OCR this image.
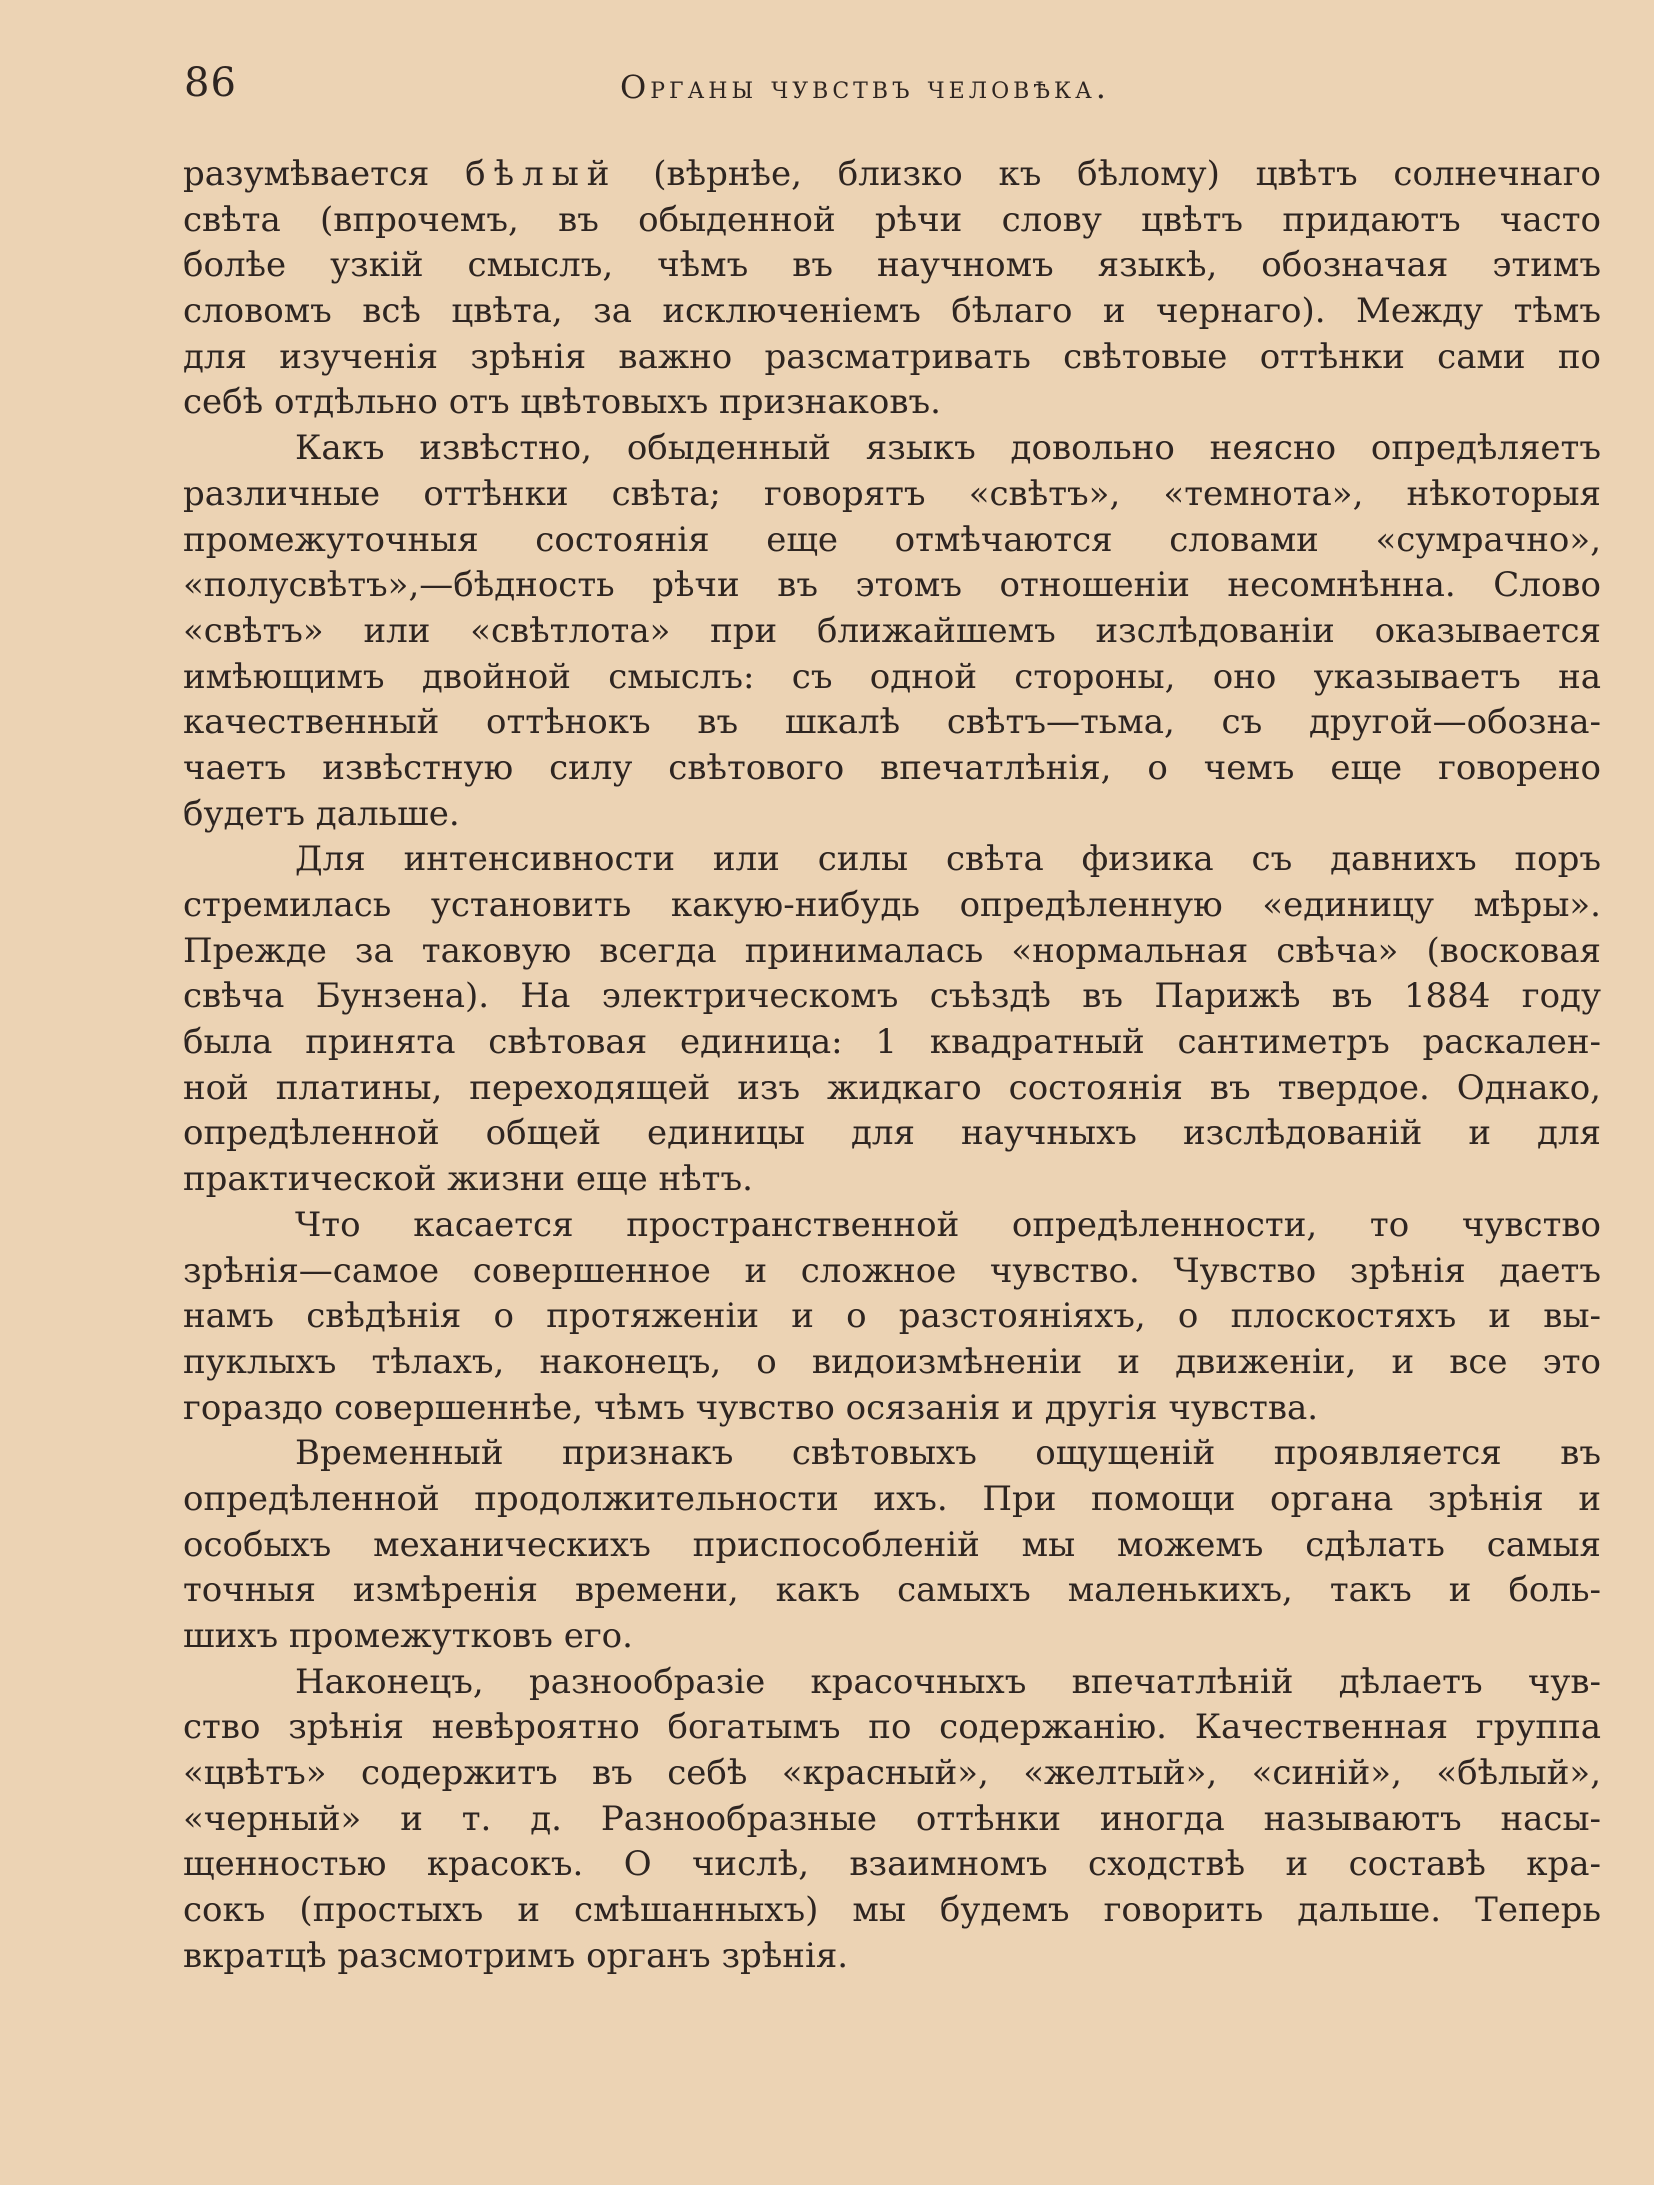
86	Органы чувствъ человѣка.
разумѣвается бѣлый (вѣрнѣе, близко къ бѣлому) цвѣтъ солнечнаго
свѣта (впрочемъ, въ обыденной рѣчи слову цвѣтъ придаютъ часто
болѣе узкій смыслъ, чѣмъ въ научномъ языкѣ, обозначая этимъ
словомъ всѣ цвѣта, за исключеніемъ бѣлаго и чернаго). Между тѣмъ
для изученія зрѣнія важно разсматривать свѣтовые оттѣнки сами по
себѣ отдѣльно отъ цвѣтовыхъ признаковъ.
Какъ извѣстно, обыденный языкъ довольно неясно опредѣляетъ
различные оттѣнки свѣта; говорятъ «свѣтъ», «темнота», нѣкоторыя
промежуточныя состоянія еще отмѣчаются словами «сумрачно»,
«полусвѣтъ»,—бѣдность рѣчи въ этомъ отношеніи несомнѣнна. Слово
«свѣтъ» или «свѣтлота» при ближайшемъ изслѣдованіи оказывается
имѣющимъ двойной смыслъ: съ одной стороны, оно указываетъ на
качественный оттѣнокъ въ шкалѣ свѣтъ—тьма, съ другой—обозна-
чаетъ извѣстную силу свѣтового впечатлѣнія, о чемъ еще говорено
будетъ дальше.
Для интенсивности или силы свѣта физика съ давнихъ поръ
стремилась установить какую-нибудь опредѣленную «единицу мѣры».
Прежде за таковую всегда принималась «нормальная свѣча» (восковая
свѣча Бунзена). На электрическомъ съѣздѣ въ Парижѣ въ 1884 году
была принята свѣтовая единица: 1 квадратный сантиметръ раскален-
ной платины, переходящей изъ жидкаго состоянія въ твердое. Однако,
опредѣленной общей единицы для научныхъ изслѣдованій и для
практической жизни еще нѣтъ.
Что касается пространственной опредѣленности, то чувство
зрѣнія—самое совершенное и сложное чувство. Чувство зрѣнія даетъ
намъ свѣдѣнія о протяженіи и о разстояніяхъ, о плоскостяхъ и вы-
пуклыхъ тѣлахъ, наконецъ, о видоизмѣненіи и движеніи, и все это
гораздо совершеннѣе, чѣмъ чувство осязанія и другія чувства.
Временный признакъ свѣтовыхъ ощущеній проявляется въ
опредѣленной продолжительности ихъ. При помощи органа зрѣнія и
особыхъ механическихъ приспособленій мы можемъ сдѣлать самыя
точныя измѣренія времени, какъ самыхъ маленькихъ, такъ и боль-
шихъ промежутковъ его.
Наконецъ, разнообразіе красочныхъ впечатлѣній дѣлаетъ чув-
ство зрѣнія невѣроятно богатымъ по содержанію. Качественная группа
«цвѣтъ» содержитъ въ себѣ «красный», «желтый», «синій», «бѣлый»,
«черный» и т. д. Разнообразные оттѣнки иногда называютъ насы-
щенностью красокъ. О числѣ, взаимномъ сходствѣ и составѣ кра-
сокъ (простыхъ и смѣшанныхъ) мы будемъ говорить дальше. Теперь
вкратцѣ разсмотримъ органъ зрѣнія.
